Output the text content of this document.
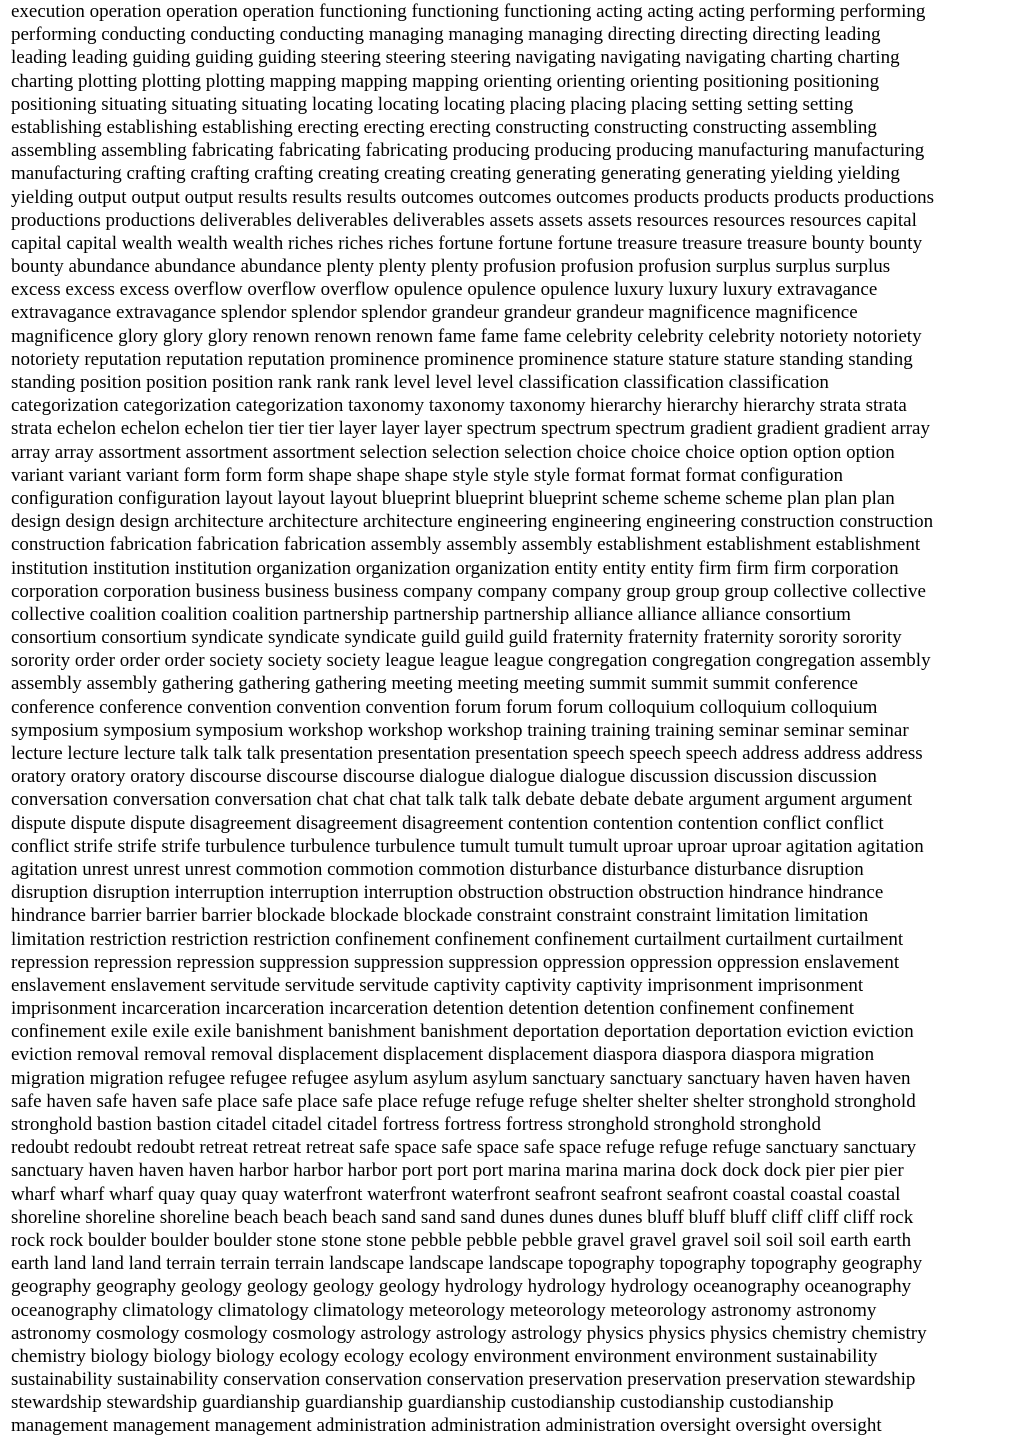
execution operation operation operation functioning functioning functioning acting acting acting performing performing
performing conducting conducting conducting managing managing managing directing directing directing leading
leading leading guiding guiding guiding steering steering steering navigating navigating navigating charting charting
charting plotting plotting plotting mapping mapping mapping orienting orienting orienting positioning positioning
positioning situating situating situating locating locating locating placing placing placing setting setting setting
establishing establishing establishing erecting erecting erecting constructing constructing constructing assembling
assembling assembling fabricating fabricating fabricating producing producing producing manufacturing manufacturing
manufacturing crafting crafting crafting creating creating creating generating generating generating yielding yielding
yielding output output output results results results outcomes outcomes outcomes products products products productions
productions productions deliverables deliverables deliverables assets assets assets resources resources resources capital
capital capital wealth wealth wealth riches riches riches fortune fortune fortune treasure treasure treasure bounty bounty
bounty abundance abundance abundance plenty plenty plenty profusion profusion profusion surplus surplus surplus
excess excess excess overflow overflow overflow opulence opulence opulence luxury luxury luxury extravagance
extravagance extravagance splendor splendor splendor grandeur grandeur grandeur magnificence magnificence
magnificence glory glory glory renown renown renown fame fame fame celebrity celebrity celebrity notoriety notoriety
notoriety reputation reputation reputation prominence prominence prominence stature stature stature standing standing
standing position position position rank rank rank level level level classification classification classification
categorization categorization categorization taxonomy taxonomy taxonomy hierarchy hierarchy hierarchy strata strata
strata echelon echelon echelon tier tier tier layer layer layer spectrum spectrum spectrum gradient gradient gradient array
array array assortment assortment assortment selection selection selection choice choice choice option option option
variant variant variant form form form shape shape shape style style style format format format configuration
configuration configuration layout layout layout blueprint blueprint blueprint scheme scheme scheme plan plan plan
design design design architecture architecture architecture engineering engineering engineering construction construction
construction fabrication fabrication fabrication assembly assembly assembly establishment establishment establishment
institution institution institution organization organization organization entity entity entity firm firm firm corporation
corporation corporation business business business company company company group group group collective collective
collective coalition coalition coalition partnership partnership partnership alliance alliance alliance consortium
consortium consortium syndicate syndicate syndicate guild guild guild fraternity fraternity fraternity sorority sorority
sorority order order order society society society league league league congregation congregation congregation assembly
assembly assembly gathering gathering gathering meeting meeting meeting summit summit summit conference
conference conference convention convention convention forum forum forum colloquium colloquium colloquium
symposium symposium symposium workshop workshop workshop training training training seminar seminar seminar
lecture lecture lecture talk talk talk presentation presentation presentation speech speech speech address address address
oratory oratory oratory discourse discourse discourse dialogue dialogue dialogue discussion discussion discussion
conversation conversation conversation chat chat chat talk talk talk debate debate debate argument argument argument
dispute dispute dispute disagreement disagreement disagreement contention contention contention conflict conflict
conflict strife strife strife turbulence turbulence turbulence tumult tumult tumult uproar uproar uproar agitation agitation
agitation unrest unrest unrest commotion commotion commotion disturbance disturbance disturbance disruption
disruption disruption interruption interruption interruption obstruction obstruction obstruction hindrance hindrance
hindrance barrier barrier barrier blockade blockade blockade constraint constraint constraint limitation limitation
limitation restriction restriction restriction confinement confinement confinement curtailment curtailment curtailment
repression repression repression suppression suppression suppression oppression oppression oppression enslavement
enslavement enslavement servitude servitude servitude captivity captivity captivity imprisonment imprisonment
imprisonment incarceration incarceration incarceration detention detention detention confinement confinement
confinement exile exile exile banishment banishment banishment deportation deportation deportation eviction eviction
eviction removal removal removal displacement displacement displacement diaspora diaspora diaspora migration
migration migration refugee refugee refugee asylum asylum asylum sanctuary sanctuary sanctuary haven haven haven
safe haven safe haven safe place safe place safe place refuge refuge refuge shelter shelter shelter stronghold stronghold
stronghold bastion bastion citadel citadel citadel fortress fortress fortress stronghold stronghold stronghold
redoubt redoubt redoubt retreat retreat retreat safe space safe space safe space refuge refuge refuge sanctuary sanctuary
sanctuary haven haven haven harbor harbor harbor port port port marina marina marina dock dock dock pier pier pier
wharf wharf wharf quay quay quay waterfront waterfront waterfront seafront seafront seafront coastal coastal coastal
shoreline shoreline shoreline beach beach beach sand sand sand dunes dunes dunes bluff bluff bluff cliff cliff cliff rock
rock rock boulder boulder boulder stone stone stone pebble pebble pebble gravel gravel gravel soil soil soil earth earth
earth land land land terrain terrain terrain landscape landscape landscape topography topography topography geography
geography geography geology geology geology geology hydrology hydrology hydrology oceanography oceanography
oceanography climatology climatology climatology meteorology meteorology meteorology astronomy astronomy
astronomy cosmology cosmology cosmology astrology astrology astrology physics physics physics chemistry chemistry
chemistry biology biology biology ecology ecology ecology environment environment environment sustainability
sustainability sustainability conservation conservation conservation preservation preservation preservation stewardship
stewardship stewardship guardianship guardianship guardianship custodianship custodianship custodianship
management management management administration administration administration oversight oversight oversight
